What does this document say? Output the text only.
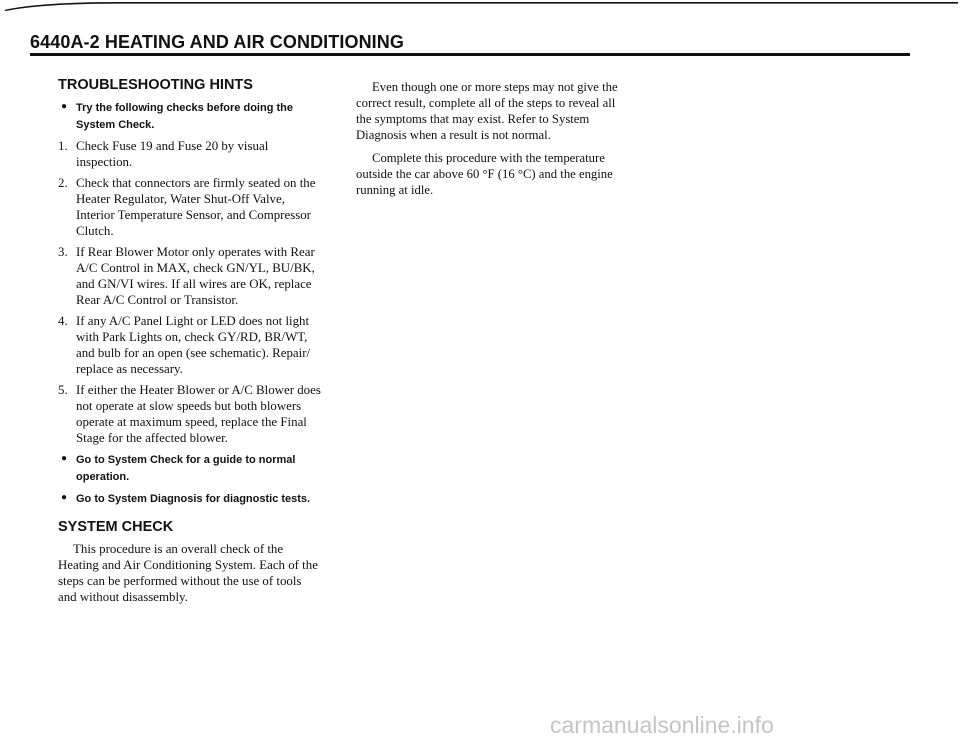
6440A-2 HEATING AND AIR CONDITIONING
TROUBLESHOOTING HINTS
● Try the following checks before doing the System Check.
1. Check Fuse 19 and Fuse 20 by visual inspection.
2. Check that connectors are firmly seated on the Heater Regulator, Water Shut-Off Valve, Interior Temperature Sensor, and Compressor Clutch.
3. If Rear Blower Motor only operates with Rear A/C Control in MAX, check GN/YL, BU/BK, and GN/VI wires. If all wires are OK, replace Rear A/C Control or Transistor.
4. If any A/C Panel Light or LED does not light with Park Lights on, check GY/RD, BR/WT, and bulb for an open (see schematic). Repair/ replace as necessary.
5. If either the Heater Blower or A/C Blower does not operate at slow speeds but both blowers operate at maximum speed, replace the Final Stage for the affected blower.
● Go to System Check for a guide to normal operation.
● Go to System Diagnosis for diagnostic tests.
SYSTEM CHECK
This procedure is an overall check of the Heating and Air Conditioning System. Each of the steps can be performed without the use of tools and without disassembly.
Even though one or more steps may not give the correct result, complete all of the steps to reveal all the symptoms that may exist. Refer to System Diagnosis when a result is not normal.
Complete this procedure with the temperature outside the car above 60 °F (16 °C) and the engine running at idle.
carmanualsonline.info
